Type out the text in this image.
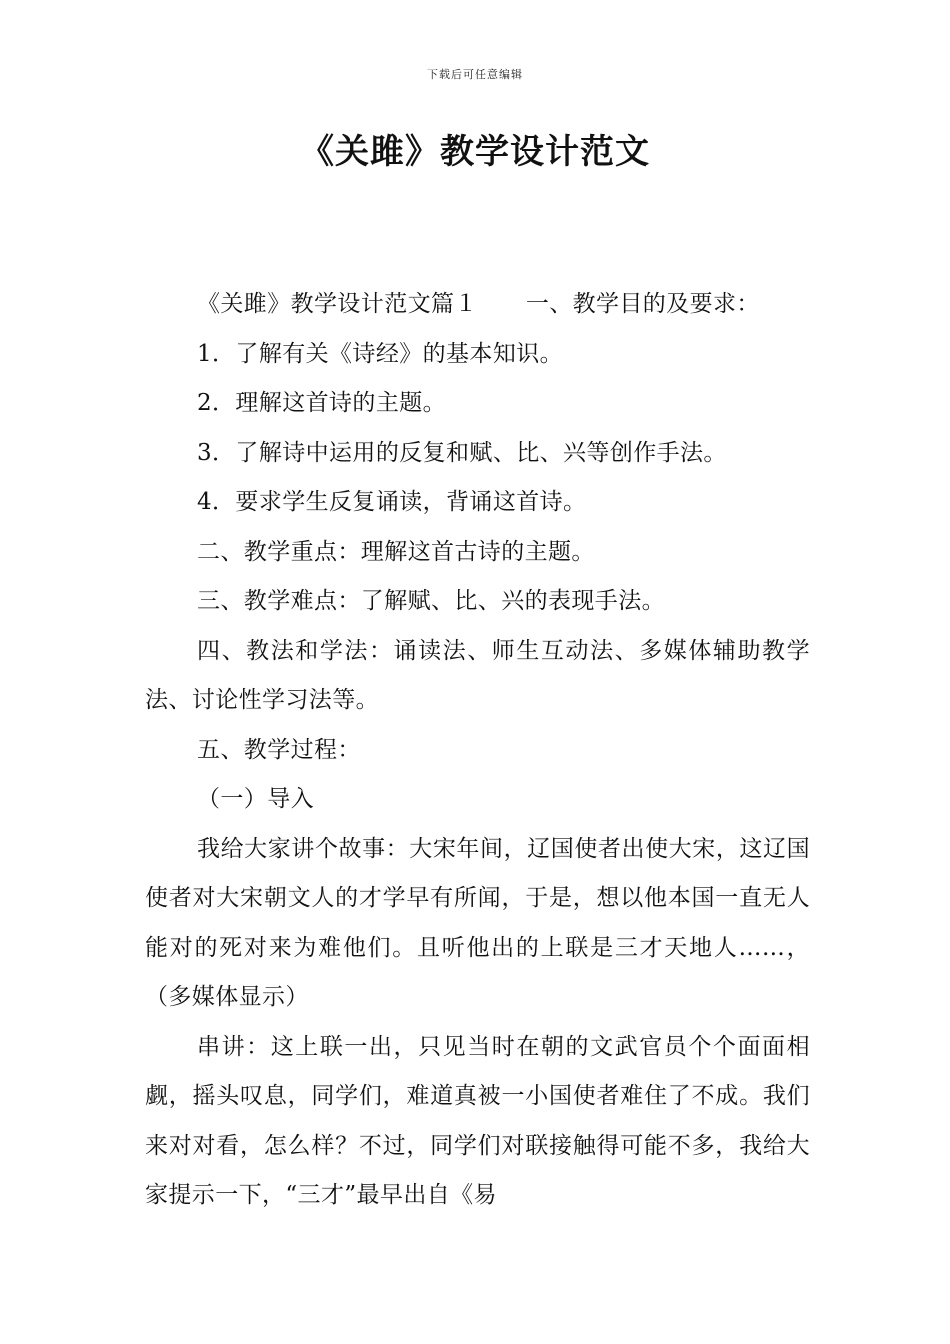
下载后可任意编辑
《关雎》教学设计范文

《关雎》教学设计范文篇１ 一、教学目的及要求：

1．了解有关《诗经》的基本知识。

2．理解这首诗的主题。

3．了解诗中运用的反复和赋、比、兴等创作手法。

4．要求学生反复诵读，背诵这首诗。

二、教学重点：理解这首古诗的主题。

三、教学难点：了解赋、比、兴的表现手法。

四、教法和学法：诵读法、师生互动法、多媒体辅助教学法、讨论性学习法等。

五、教学过程：

（一）导入

我给大家讲个故事：大宋年间，辽国使者出使大宋，这辽国使者对大宋朝文人的才学早有所闻，于是，想以他本国一直无人能对的死对来为难他们。且听他出的上联是三才天地人……，（多媒体显示）

串讲：这上联一出，只见当时在朝的文武官员个个面面相觑，摇头叹息，同学们，难道真被一小国使者难住了不成。我们来对对看，怎么样？不过，同学们对联接触得可能不多，我给大家提示一下，“三才”最早出自《易
